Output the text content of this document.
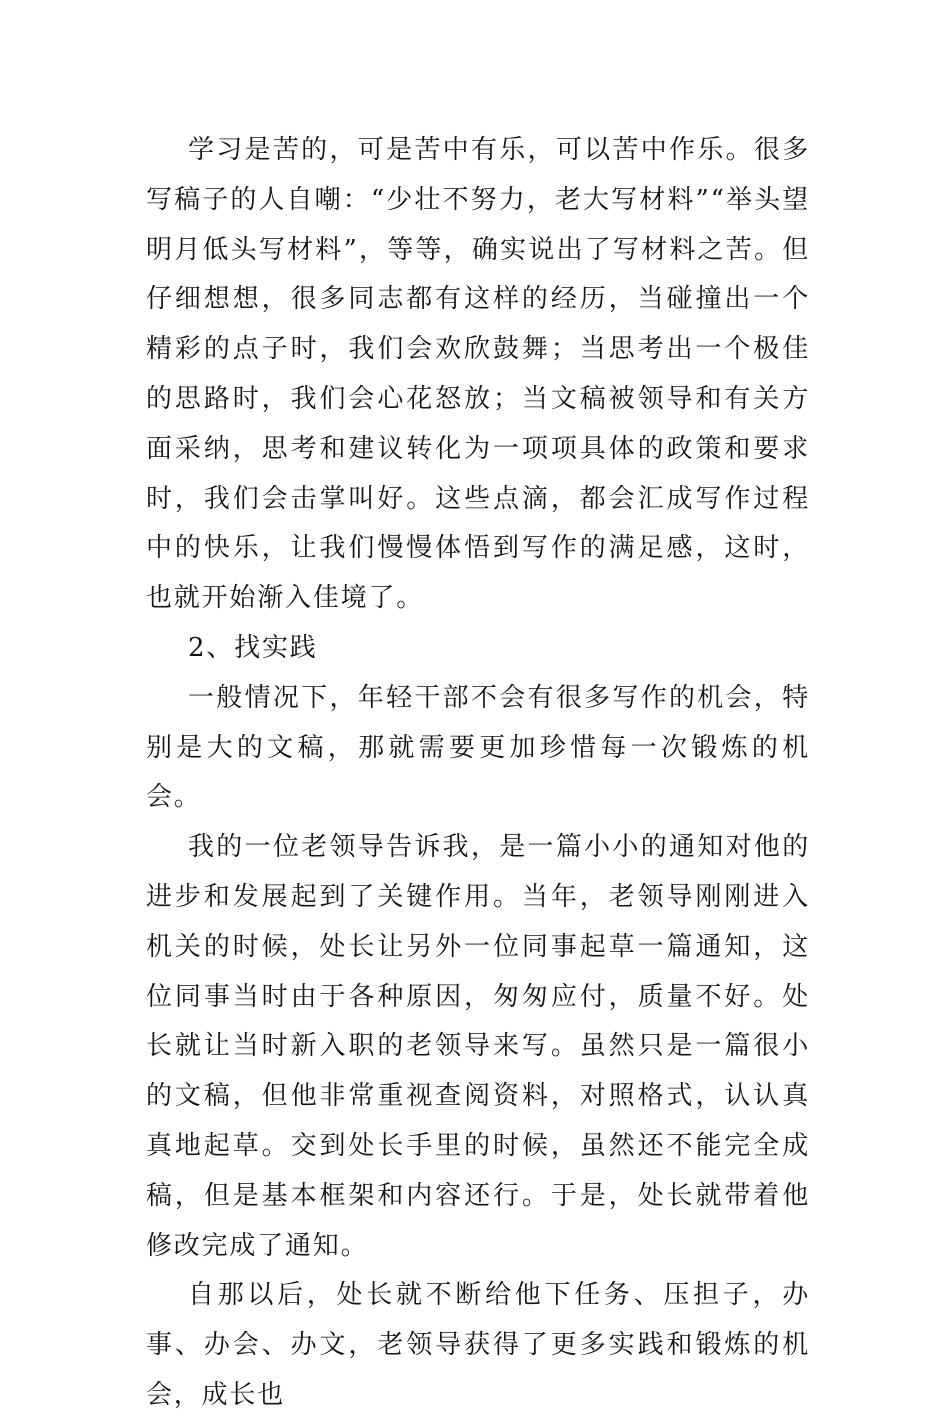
学习是苦的，可是苦中有乐，可以苦中作乐。很多写稿子的人自嘲：“少壮不努力，老大写材料”“举头望明月低头写材料”，等等，确实说出了写材料之苦。但仔细想想，很多同志都有这样的经历，当碰撞出一个精彩的点子时，我们会欢欣鼓舞；当思考出一个极佳的思路时，我们会心花怒放；当文稿被领导和有关方面采纳，思考和建议转化为一项项具体的政策和要求时，我们会击掌叫好。这些点滴，都会汇成写作过程中的快乐，让我们慢慢体悟到写作的满足感，这时，也就开始渐入佳境了。

2、找实践

一般情况下，年轻干部不会有很多写作的机会，特别是大的文稿，那就需要更加珍惜每一次锻炼的机会。

我的一位老领导告诉我，是一篇小小的通知对他的进步和发展起到了关键作用。当年，老领导刚刚进入机关的时候，处长让另外一位同事起草一篇通知，这位同事当时由于各种原因，匆匆应付，质量不好。处长就让当时新入职的老领导来写。虽然只是一篇很小的文稿，但他非常重视查阅资料，对照格式，认认真真地起草。交到处长手里的时候，虽然还不能完全成稿，但是基本框架和内容还行。于是，处长就带着他修改完成了通知。

自那以后，处长就不断给他下任务、压担子，办事、办会、办文，老领导获得了更多实践和锻炼的机会，成长也
